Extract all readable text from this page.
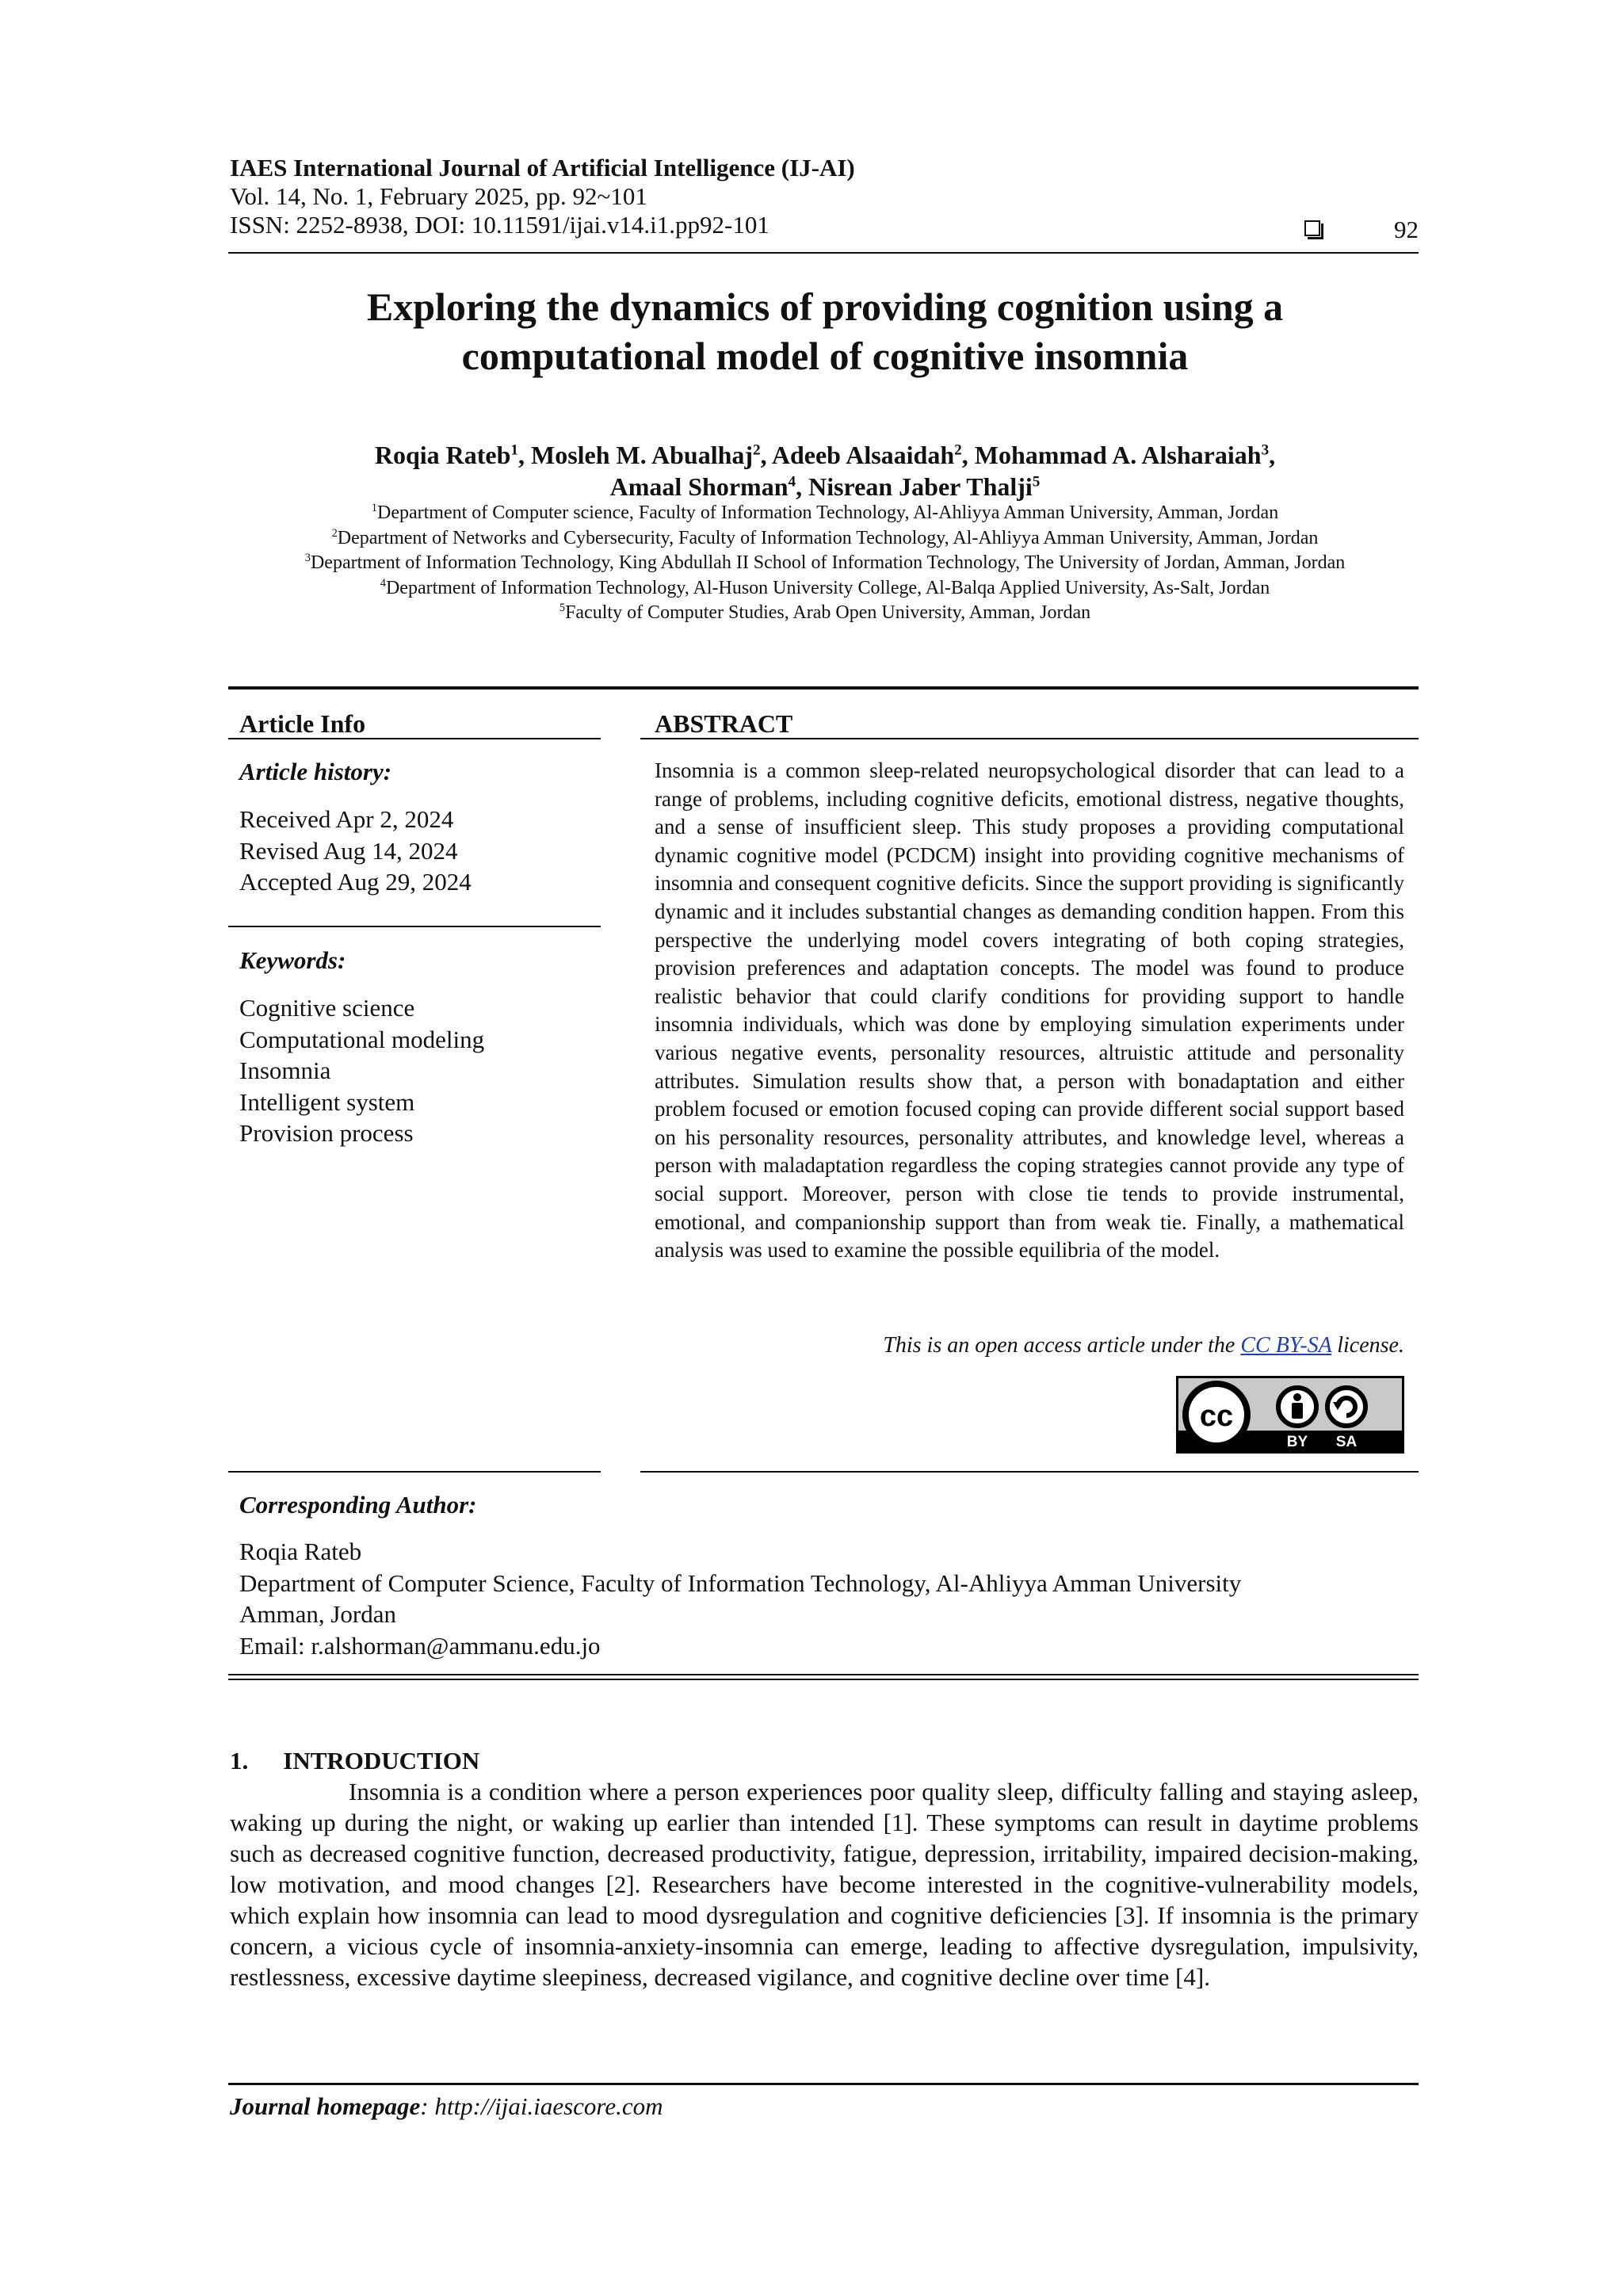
IAES International Journal of Artificial Intelligence (IJ-AI)
Vol. 14, No. 1, February 2025, pp. 92~101
ISSN: 2252-8938, DOI: 10.11591/ijai.v14.i1.pp92-101	92
Exploring the dynamics of providing cognition using a
computational model of cognitive insomnia
Roqia Rateb$^1$, Mosleh M. Abualhaj$^2$, Adeeb Alsaaidah$^2$, Mohammad A. Alsharaiah$^3$,
Amaal Shorman$^4$, Nisrean Jaber Thalji$^5$
$^1$Department of Computer science, Faculty of Information Technology, Al-Ahliyya Amman University, Amman, Jordan
$^2$Department of Networks and Cybersecurity, Faculty of Information Technology, Al-Ahliyya Amman University, Amman, Jordan
$^3$Department of Information Technology, King Abdullah II School of Information Technology, The University of Jordan, Amman, Jordan
$^4$Department of Information Technology, Al-Huson University College, Al-Balqa Applied University, As-Salt, Jordan
$^5$Faculty of Computer Studies, Arab Open University, Amman, Jordan
Article Info
Article history:
Received Apr 2, 2024
Revised Aug 14, 2024
Accepted Aug 29, 2024
Keywords:
Cognitive science
Computational modeling
Insomnia
Intelligent system
Provision process
ABSTRACT
Insomnia is a common sleep-related neuropsychological disorder that can lead to a range of problems, including cognitive deficits, emotional distress, negative thoughts, and a sense of insufficient sleep. This study proposes a providing computational dynamic cognitive model (PCDCM) insight into providing cognitive mechanisms of insomnia and consequent cognitive deficits. Since the support providing is significantly dynamic and it includes substantial changes as demanding condition happen. From this perspective the underlying model covers integrating of both coping strategies, provision preferences and adaptation concepts. The model was found to produce realistic behavior that could clarify conditions for providing support to handle insomnia individuals, which was done by employing simulation experiments under various negative events, personality resources, altruistic attitude and personality attributes. Simulation results show that, a person with bonadaptation and either problem focused or emotion focused coping can provide different social support based on his personality resources, personality attributes, and knowledge level, whereas a person with maladaptation regardless the coping strategies cannot provide any type of social support. Moreover, person with close tie tends to provide instrumental, emotional, and companionship support than from weak tie. Finally, a mathematical analysis was used to examine the possible equilibria of the model.
This is an open access article under the CC BY-SA license.
cc
BY SA
Corresponding Author:
Roqia Rateb
Department of Computer Science, Faculty of Information Technology, Al-Ahliyya Amman University
Amman, Jordan
Email: r.alshorman@ammanu.edu.jo
1. INTRODUCTION
Insomnia is a condition where a person experiences poor quality sleep, difficulty falling and staying asleep, waking up during the night, or waking up earlier than intended [1]. These symptoms can result in daytime problems such as decreased cognitive function, decreased productivity, fatigue, depression, irritability, impaired decision-making, low motivation, and mood changes [2]. Researchers have become interested in the cognitive-vulnerability models, which explain how insomnia can lead to mood dysregulation and cognitive deficiencies [3]. If insomnia is the primary concern, a vicious cycle of insomnia-anxiety-insomnia can emerge, leading to affective dysregulation, impulsivity, restlessness, excessive daytime sleepiness, decreased vigilance, and cognitive decline over time [4].
Journal homepage: http://ijai.iaescore.com
